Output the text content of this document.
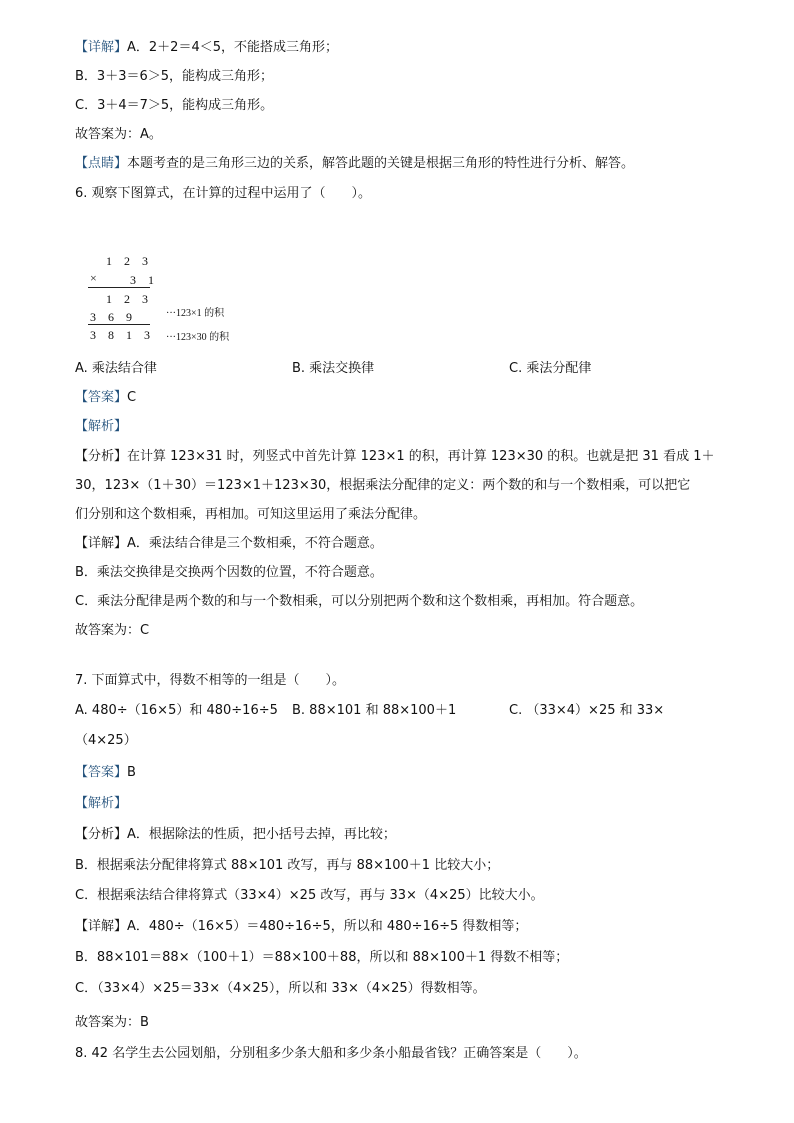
【详解】A．2＋2＝4＜5，不能搭成三角形；
B．3＋3＝6＞5，能构成三角形；
C．3＋4＝7＞5，能构成三角形。
故答案为：A。
【点睛】本题考查的是三角形三边的关系，解答此题的关键是根据三角形的特性进行分析、解答。
6. 观察下图算式，在计算的过程中运用了（　　）。
1　2　3
×	3　1
1　2　3
3　6　9
3　8　1　3
···123×1 的积
···123×30 的积
A. 乘法结合律	B. 乘法交换律	C. 乘法分配律
【答案】C
【解析】
【分析】在计算 123×31 时，列竖式中首先计算 123×1 的积，再计算 123×30 的积。也就是把 31 看成 1＋
30，123×（1＋30）＝123×1＋123×30，根据乘法分配律的定义：两个数的和与一个数相乘，可以把它
们分别和这个数相乘，再相加。可知这里运用了乘法分配律。
【详解】A．乘法结合律是三个数相乘，不符合题意。
B．乘法交换律是交换两个因数的位置，不符合题意。
C．乘法分配律是两个数的和与一个数相乘，可以分别把两个数和这个数相乘，再相加。符合题意。
故答案为：C
7. 下面算式中，得数不相等的一组是（　　）。
A. 480÷（16×5）和 480÷16÷5 B. 88×101 和 88×100＋1	C. （33×4）×25 和 33×
（4×25）
【答案】B
【解析】
【分析】A．根据除法的性质，把小括号去掉，再比较；
B．根据乘法分配律将算式 88×101 改写，再与 88×100＋1 比较大小；
C．根据乘法结合律将算式（33×4）×25 改写，再与 33×（4×25）比较大小。
【详解】A．480÷（16×5）＝480÷16÷5，所以和 480÷16÷5 得数相等；
B．88×101＝88×（100＋1）＝88×100＋88，所以和 88×100＋1 得数不相等；
C．（33×4）×25＝33×（4×25），所以和 33×（4×25）得数相等。
故答案为：B
8. 42 名学生去公园划船，分别租多少条大船和多少条小船最省钱？正确答案是（　　）。
